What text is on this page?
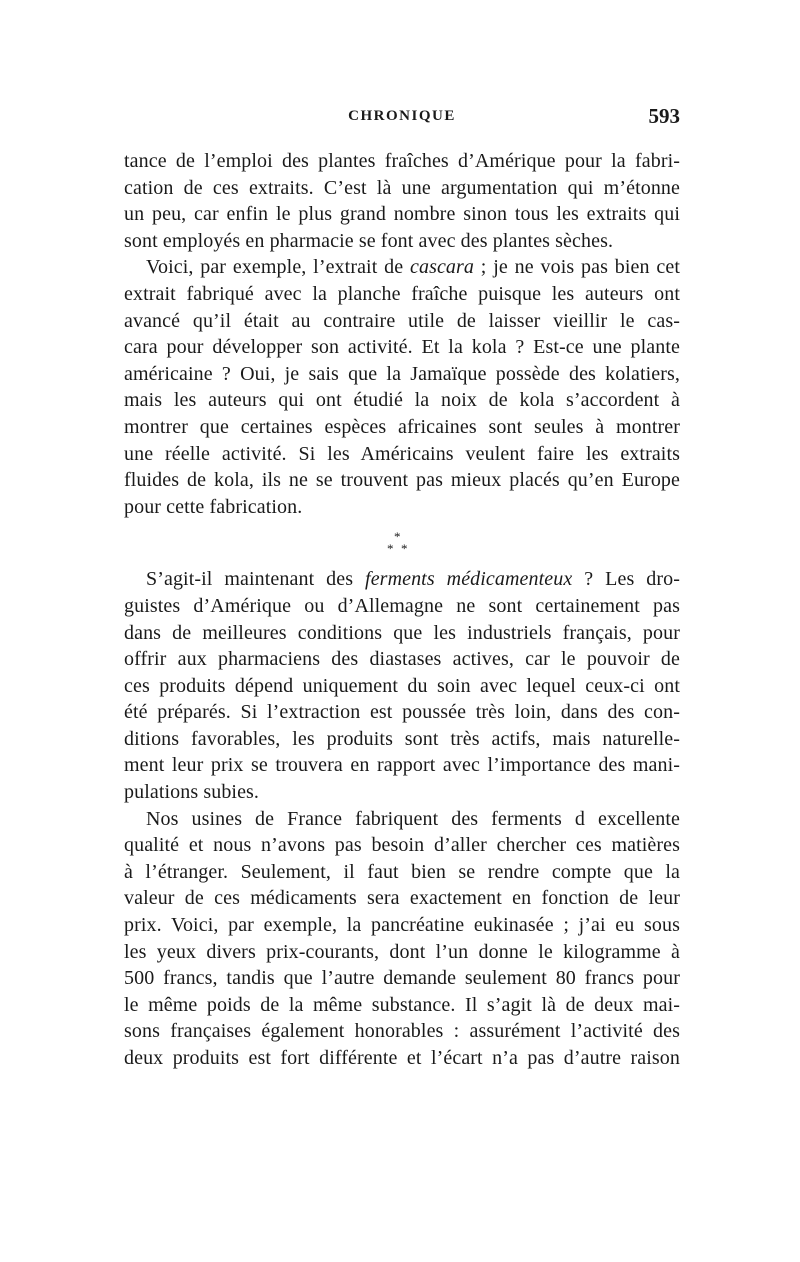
CHRONIQUE	593
tance de l’emploi des plantes fraîches d’Amérique pour la fabri-
cation de ces extraits. C’est là une argumentation qui m’étonne
un peu, car enfin le plus grand nombre sinon tous les extraits qui
sont employés en pharmacie se font avec des plantes sèches.
Voici, par exemple, l’extrait de cascara ; je ne vois pas bien cet
extrait fabriqué avec la planche fraîche puisque les auteurs ont
avancé qu’il était au contraire utile de laisser vieillir le cas-
cara pour développer son activité. Et la kola ? Est-ce une plante
américaine ? Oui, je sais que la Jamaïque possède des kolatiers,
mais les auteurs qui ont étudié la noix de kola s’accordent à
montrer que certaines espèces africaines sont seules à montrer
une réelle activité. Si les Américains veulent faire les extraits
fluides de kola, ils ne se trouvent pas mieux placés qu’en Europe
pour cette fabrication.
*
* *
S’agit-il maintenant des ferments médicamenteux ? Les dro-
guistes d’Amérique ou d’Allemagne ne sont certainement pas
dans de meilleures conditions que les industriels français, pour
offrir aux pharmaciens des diastases actives, car le pouvoir de
ces produits dépend uniquement du soin avec lequel ceux-ci ont
été préparés. Si l’extraction est poussée très loin, dans des con-
ditions favorables, les produits sont très actifs, mais naturelle-
ment leur prix se trouvera en rapport avec l’importance des mani-
pulations subies.
Nos usines de France fabriquent des ferments d excellente
qualité et nous n’avons pas besoin d’aller chercher ces matières
à l’étranger. Seulement, il faut bien se rendre compte que la
valeur de ces médicaments sera exactement en fonction de leur
prix. Voici, par exemple, la pancréatine eukinasée ; j’ai eu sous
les yeux divers prix-courants, dont l’un donne le kilogramme à
500 francs, tandis que l’autre demande seulement 80 francs pour
le même poids de la même substance. Il s’agit là de deux mai-
sons françaises également honorables : assurément l’activité des
deux produits est fort différente et l’écart n’a pas d’autre raison
